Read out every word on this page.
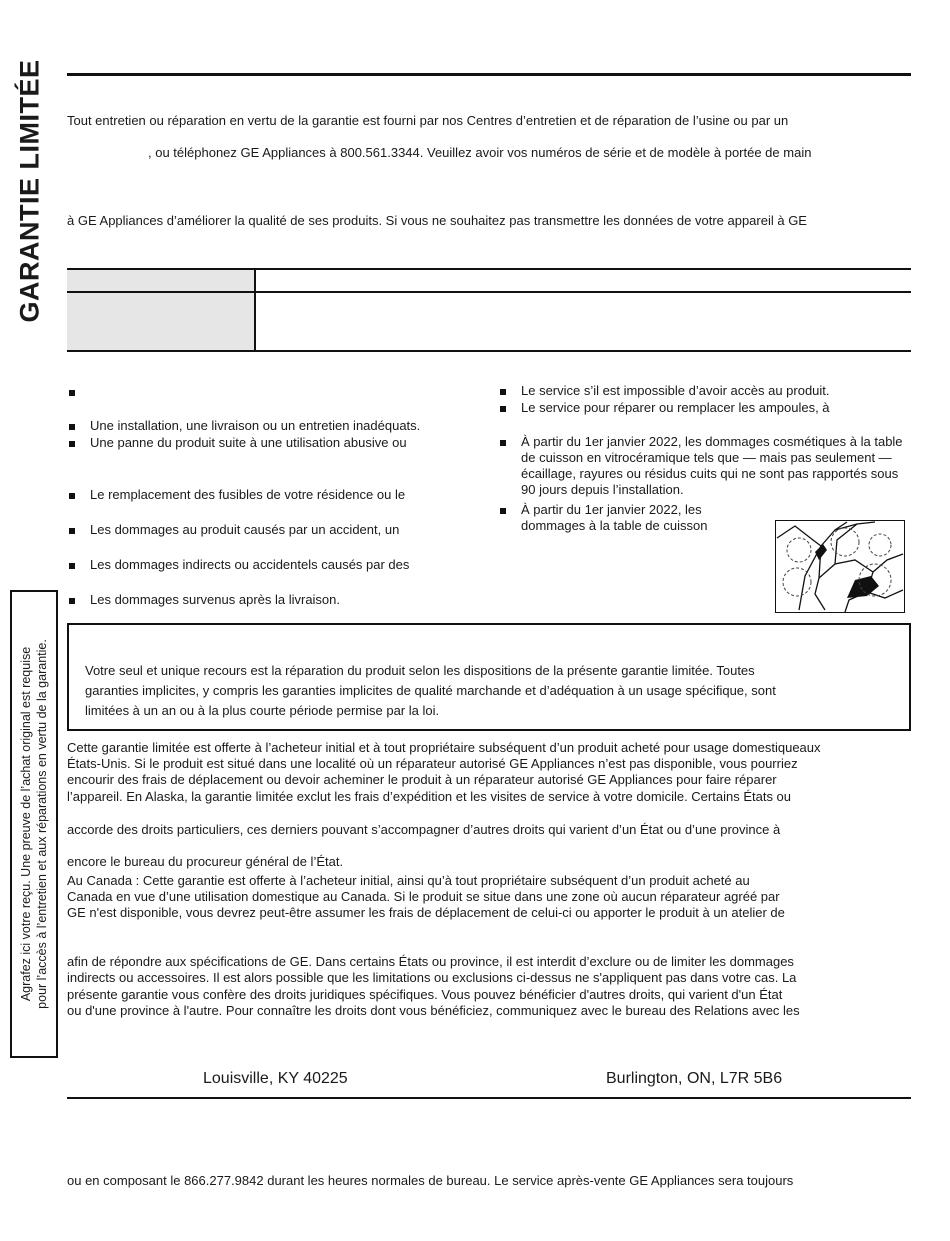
GARANTIE LIMITÉE Tout entretien ou réparation en vertu de la garantie est fourni par nos Centres d’entretien et de réparation de l’usine ou par un
, ou téléphonez GE Appliances à 800.561.3344. Veuillez avoir vos numéros de série et de modèle à portée de main
à GE Appliances d’améliorer la qualité de ses produits. Si vous ne souhaitez pas transmettre les données de votre appareil à GE
Une installation, une livraison ou un entretien inadéquats.
Une panne du produit suite à une utilisation abusive ou
Le remplacement des fusibles de votre résidence ou le
Les dommages au produit causés par un accident, un
Les dommages indirects ou accidentels causés par des
Les dommages survenus après la livraison.
Le service s’il est impossible d’avoir accès au produit.
Le service pour réparer ou remplacer les ampoules, à
À partir du 1er janvier 2022, les dommages cosmétiques à la table de cuisson en vitrocéramique tels que — mais pas seulement — écaillage, rayures ou résidus cuits qui ne sont pas rapportés sous 90 jours depuis l’installation.
À partir du 1er janvier 2022, les dommages à la table de cuisson
Votre seul et unique recours est la réparation du produit selon les dispositions de la présente garantie limitée. Toutes
garanties implicites, y compris les garanties implicites de qualité marchande et d’adéquation à un usage spécifique, sont
limitées à un an ou à la plus courte période permise par la loi.
Cette garantie limitée est offerte à l’acheteur initial et à tout propriétaire subséquent d’un produit acheté pour usage domestiqueaux
États-Unis. Si le produit est situé dans une localité où un réparateur autorisé GE Appliances n’est pas disponible, vous pourriez
encourir des frais de déplacement ou devoir acheminer le produit à un réparateur autorisé GE Appliances pour faire réparer
l’appareil. En Alaska, la garantie limitée exclut les frais d’expédition et les visites de service à votre domicile. Certains États ou
accorde des droits particuliers, ces derniers pouvant s’accompagner d’autres droits qui varient d’un État ou d’une province à
encore le bureau du procureur général de l’État.
Au Canada : Cette garantie est offerte à l’acheteur initial, ainsi qu’à tout propriétaire subséquent d’un produit acheté au
Canada en vue d’une utilisation domestique au Canada. Si le produit se situe dans une zone où aucun réparateur agréé par
GE n'est disponible, vous devrez peut-être assumer les frais de déplacement de celui-ci ou apporter le produit à un atelier de
afin de répondre aux spécifications de GE. Dans certains États ou province, il est interdit d’exclure ou de limiter les dommages
indirects ou accessoires. Il est alors possible que les limitations ou exclusions ci-dessus ne s'appliquent pas dans votre cas. La
présente garantie vous confère des droits juridiques spécifiques. Vous pouvez bénéficier d'autres droits, qui varient d'un État
ou d'une province à l'autre. Pour connaître les droits dont vous bénéficiez, communiquez avec le bureau des Relations avec les
Agrafez ici votre reçu. Une preuve de l’achat original est requise pour l’accès à l’entretien et aux réparations en vertu de la garantie.
Louisville, KY 40225	Burlington, ON, L7R 5B6
ou en composant le 866.277.9842 durant les heures normales de bureau. Le service après-vente GE Appliances sera toujours
